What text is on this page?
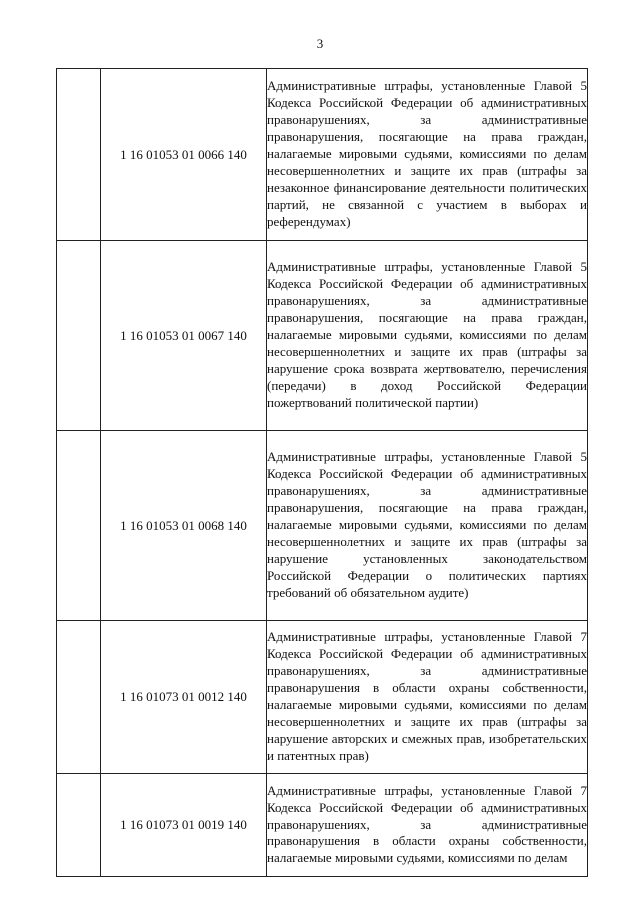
3
	1 16 01053 01 0066 140	Административные штрафы, установленные Главой 5 Кодекса Российской Федерации об административных правонарушениях, за административные правонарушения, посягающие на права граждан, налагаемые мировыми судьями, комиссиями по делам несовершеннолетних и защите их прав (штрафы за незаконное финансирование деятельности политических партий, не связанной с участием в выборах и референдумах)

	1 16 01053 01 0067 140	Административные штрафы, установленные Главой 5 Кодекса Российской Федерации об административных правонарушениях, за административные правонарушения, посягающие на права граждан, налагаемые мировыми судьями, комиссиями по делам несовершеннолетних и защите их прав (штрафы за нарушение срока возврата жертвователю, перечисления (передачи) в доход Российской Федерации пожертвований политической партии)

	1 16 01053 01 0068 140	Административные штрафы, установленные Главой 5 Кодекса Российской Федерации об административных правонарушениях, за административные правонарушения, посягающие на права граждан, налагаемые мировыми судьями, комиссиями по делам несовершеннолетних и защите их прав (штрафы за нарушение установленных законодательством Российской Федерации о политических партиях требований об обязательном аудите)

	1 16 01073 01 0012 140	Административные штрафы, установленные Главой 7 Кодекса Российской Федерации об административных правонарушениях, за административные правонарушения в области охраны собственности, налагаемые мировыми судьями, комиссиями по делам несовершеннолетних и защите их прав (штрафы за нарушение авторских и смежных прав, изобретательских и патентных прав)

	1 16 01073 01 0019 140	Административные штрафы, установленные Главой 7 Кодекса Российской Федерации об административных правонарушениях, за административные правонарушения в области охраны собственности, налагаемые мировыми судьями, комиссиями по делам
